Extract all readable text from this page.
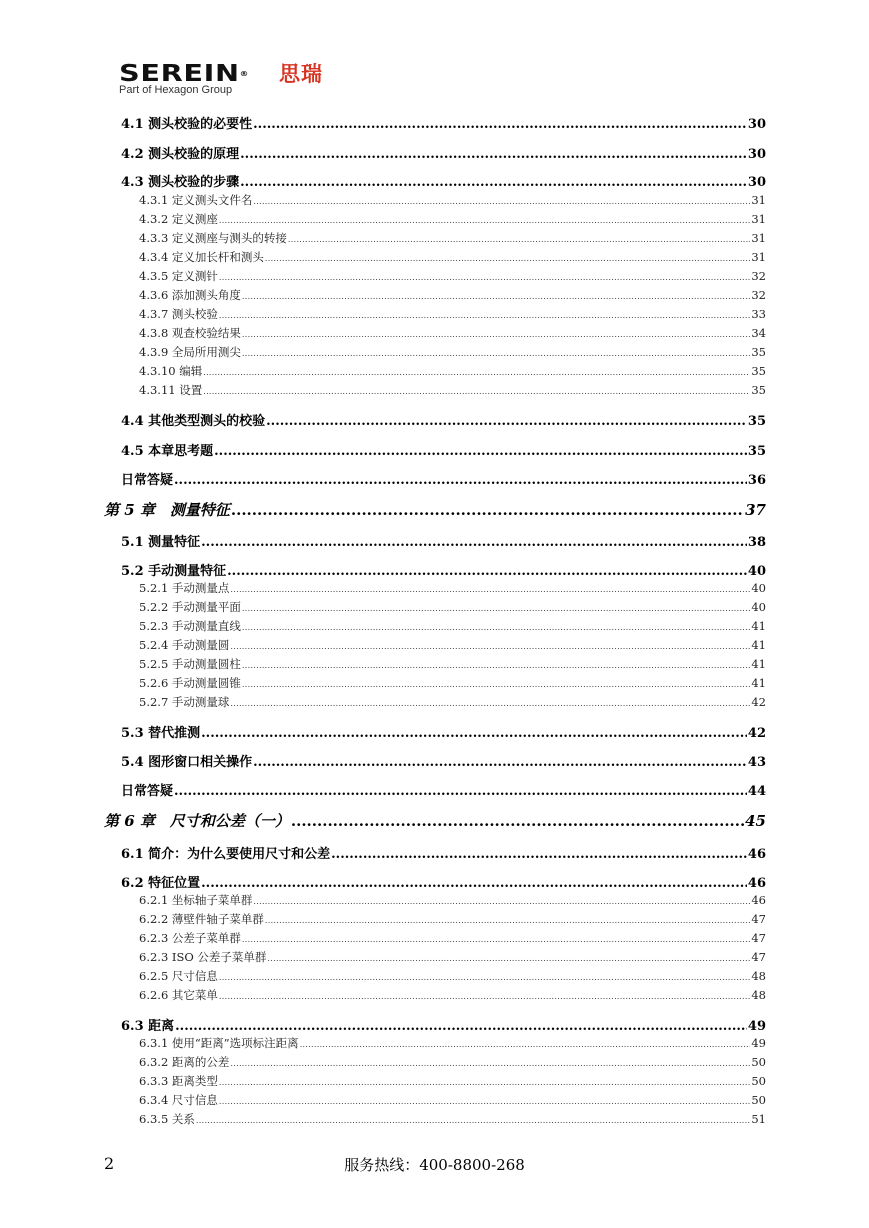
SEREIN® 思瑞
Part of Hexagon Group
4.1 测头校验的必要性 .....	30
4.2 测头校验的原理 .....	30
4.3 测头校验的步骤 .....	30
4.3.1 定义测头文件名 .....	31
4.3.2 定义测座 .....	31
4.3.3 定义测座与测头的转接 .....	31
4.3.4 定义加长杆和测头 .....	31
4.3.5 定义测针 .....	32
4.3.6 添加测头角度 .....	32
4.3.7 测头校验 .....	33
4.3.8 观查校验结果 .....	34
4.3.9 全局所用测尖 .....	35
4.3.10 编辑 .....	35
4.3.11 设置 .....	35
4.4 其他类型测头的校验 .....	35
4.5 本章思考题 .....	35
日常答疑 .....	36
第 5 章　测量特征 .....	37
5.1 测量特征 .....	38
5.2 手动测量特征 .....	40
5.2.1 手动测量点 .....	40
5.2.2 手动测量平面 .....	40
5.2.3 手动测量直线 .....	41
5.2.4 手动测量圆 .....	41
5.2.5 手动测量圆柱 .....	41
5.2.6 手动测量圆锥 .....	41
5.2.7 手动测量球 .....	42
5.3 替代推测 .....	42
5.4 图形窗口相关操作 .....	43
日常答疑 .....	44
第 6 章　尺寸和公差（一） .....	45
6.1 简介：为什么要使用尺寸和公差 .....	46
6.2 特征位置 .....	46
6.2.1 坐标轴子菜单群 .....	46
6.2.2 薄壁件轴子菜单群 .....	47
6.2.3 公差子菜单群 .....	47
6.2.3 ISO 公差子菜单群 .....	47
6.2.5 尺寸信息 .....	48
6.2.6 其它菜单 .....	48
6.3 距离 .....	49
6.3.1 使用“距离”选项标注距离 .....	49
6.3.2 距离的公差 .....	50
6.3.3 距离类型 .....	50
6.3.4 尺寸信息 .....	50
6.3.5 关系 .....	51
2	服务热线：400-8800-268
